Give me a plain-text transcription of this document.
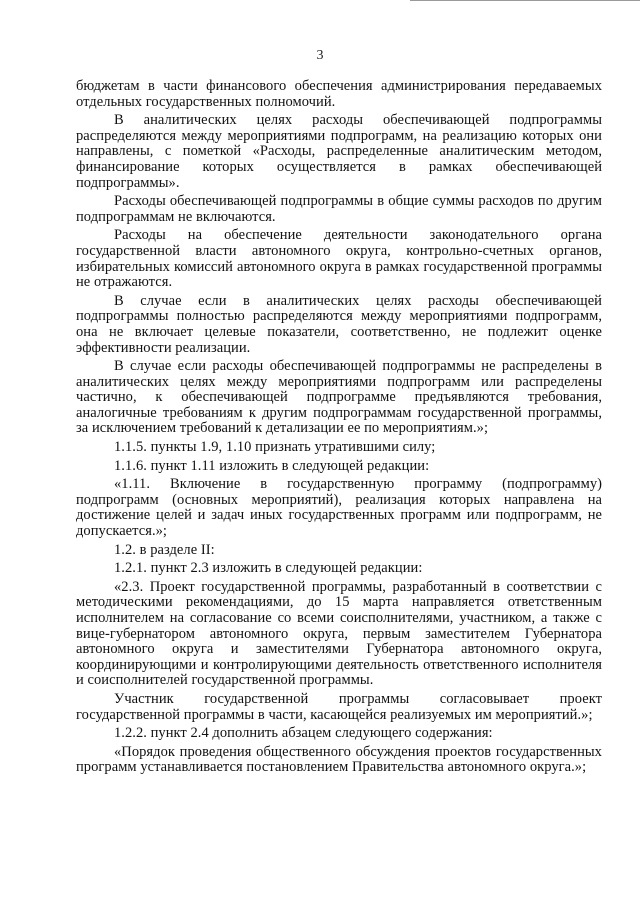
3

бюджетам в части финансового обеспечения администрирования передаваемых отдельных государственных полномочий.

В аналитических целях расходы обеспечивающей подпрограммы распределяются между мероприятиями подпрограмм, на реализацию которых они направлены, с пометкой «Расходы, распределенные аналитическим методом, финансирование которых осуществляется в рамках обеспечивающей подпрограммы».

Расходы обеспечивающей подпрограммы в общие суммы расходов по другим подпрограммам не включаются.

Расходы на обеспечение деятельности законодательного органа государственной власти автономного округа, контрольно-счетных органов, избирательных комиссий автономного округа в рамках государственной программы не отражаются.

В случае если в аналитических целях расходы обеспечивающей подпрограммы полностью распределяются между мероприятиями подпрограмм, она не включает целевые показатели, соответственно, не подлежит оценке эффективности реализации.

В случае если расходы обеспечивающей подпрограммы не распределены в аналитических целях между мероприятиями подпрограмм или распределены частично, к обеспечивающей подпрограмме предъявляются требования, аналогичные требованиям к другим подпрограммам государственной программы, за исключением требований к детализации ее по мероприятиям.»;

1.1.5. пункты 1.9, 1.10 признать утратившими силу;

1.1.6. пункт 1.11 изложить в следующей редакции:

«1.11. Включение в государственную программу (подпрограмму) подпрограмм (основных мероприятий), реализация которых направлена на достижение целей и задач иных государственных программ или подпрограмм, не допускается.»;

1.2. в разделе II:

1.2.1. пункт 2.3 изложить в следующей редакции:

«2.3. Проект государственной программы, разработанный в соответствии с методическими рекомендациями, до 15 марта направляется ответственным исполнителем на согласование со всеми соисполнителями, участником, а также с вице-губернатором автономного округа, первым заместителем Губернатора автономного округа и заместителями Губернатора автономного округа, координирующими и контролирующими деятельность ответственного исполнителя и соисполнителей государственной программы.

Участник государственной программы согласовывает проект государственной программы в части, касающейся реализуемых им мероприятий.»;

1.2.2. пункт 2.4 дополнить абзацем следующего содержания:

«Порядок проведения общественного обсуждения проектов государственных программ устанавливается постановлением Правительства автономного округа.»;
